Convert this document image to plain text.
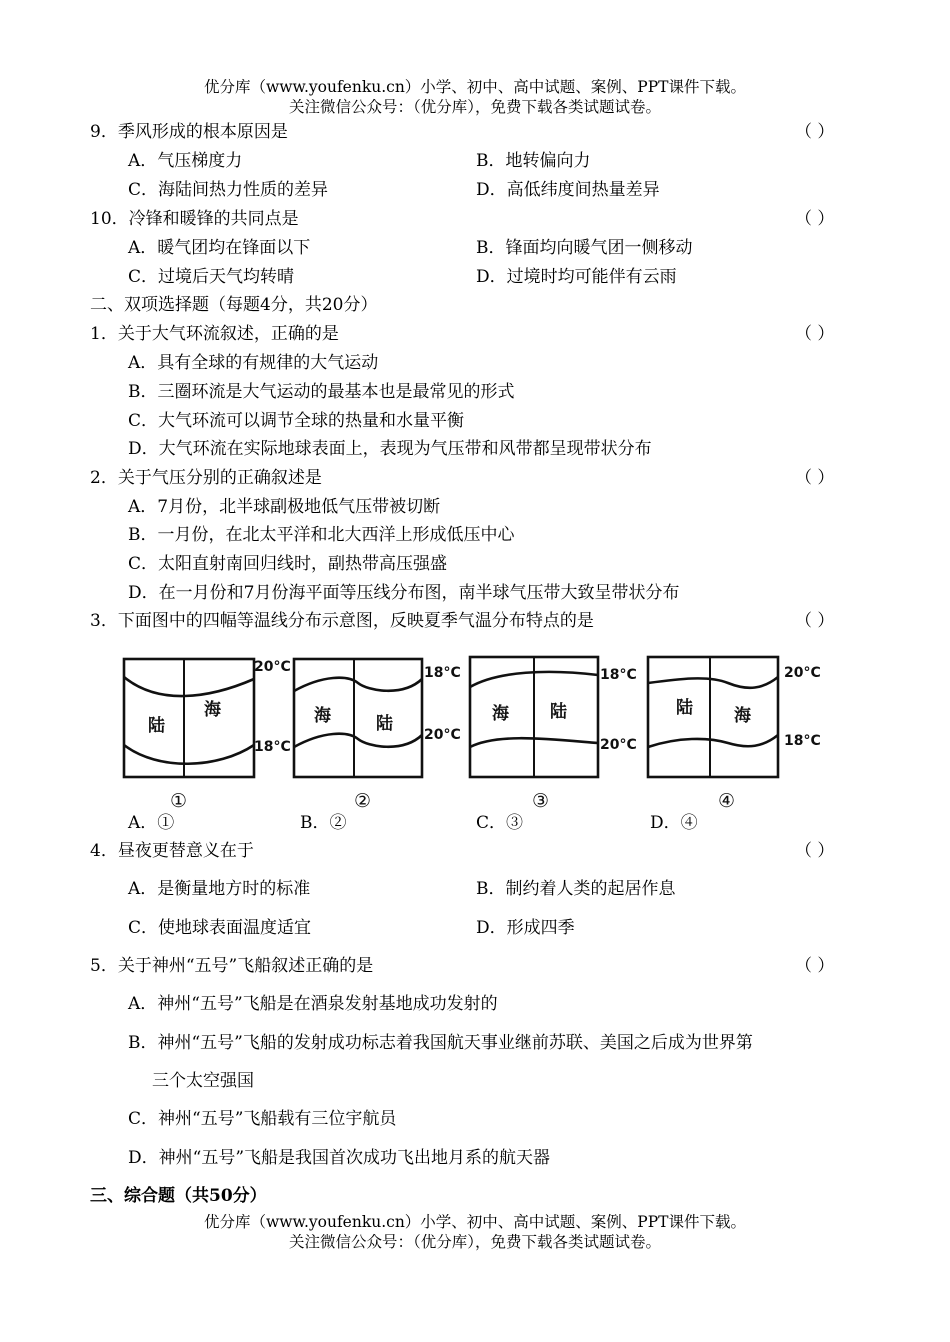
优分库（www.youfenku.cn）小学、初中、高中试题、案例、PPT课件下载。
关注微信公众号：（优分库），免费下载各类试题试卷。
9．季风形成的根本原因是	（ ）
A．气压梯度力	B．地转偏向力
C．海陆间热力性质的差异	D．高低纬度间热量差异
10．冷锋和暖锋的共同点是	（ ）
A．暖气团均在锋面以下	B．锋面均向暖气团一侧移动
C．过境后天气均转晴	D．过境时均可能伴有云雨
二、双项选择题（每题4分，共20分）
1．关于大气环流叙述，正确的是	（ ）
A．具有全球的有规律的大气运动
B．三圈环流是大气运动的最基本也是最常见的形式
C．大气环流可以调节全球的热量和水量平衡
D．大气环流在实际地球表面上，表现为气压带和风带都呈现带状分布
2．关于气压分别的正确叙述是	（ ）
A．7月份，北半球副极地低气压带被切断
B．一月份，在北太平洋和北大西洋上形成低压中心
C．太阳直射南回归线时，副热带高压强盛
D．在一月份和7月份海平面等压线分布图，南半球气压带大致呈带状分布
3．下面图中的四幅等温线分布示意图，反映夏季气温分布特点的是	（ ）
陆
海	海	陆	海 陆	陆 海
20°C
18°C
18°C
20°C
18°C
20°C
20°C
18°C
①	②	③	④
A．①	B．②	C．③	D．④
4．昼夜更替意义在于	（ ）
A．是衡量地方时的标准	B．制约着人类的起居作息
C．使地球表面温度适宜	D．形成四季
5．关于神州“五号”飞船叙述正确的是	（ ）
A．神州“五号”飞船是在酒泉发射基地成功发射的
B．神州“五号”飞船的发射成功标志着我国航天事业继前苏联、美国之后成为世界第
三个太空强国
C．神州“五号”飞船载有三位宇航员
D．神州“五号”飞船是我国首次成功飞出地月系的航天器
三、综合题（共50分）
优分库（www.youfenku.cn）小学、初中、高中试题、案例、PPT课件下载。
关注微信公众号：（优分库），免费下载各类试题试卷。
